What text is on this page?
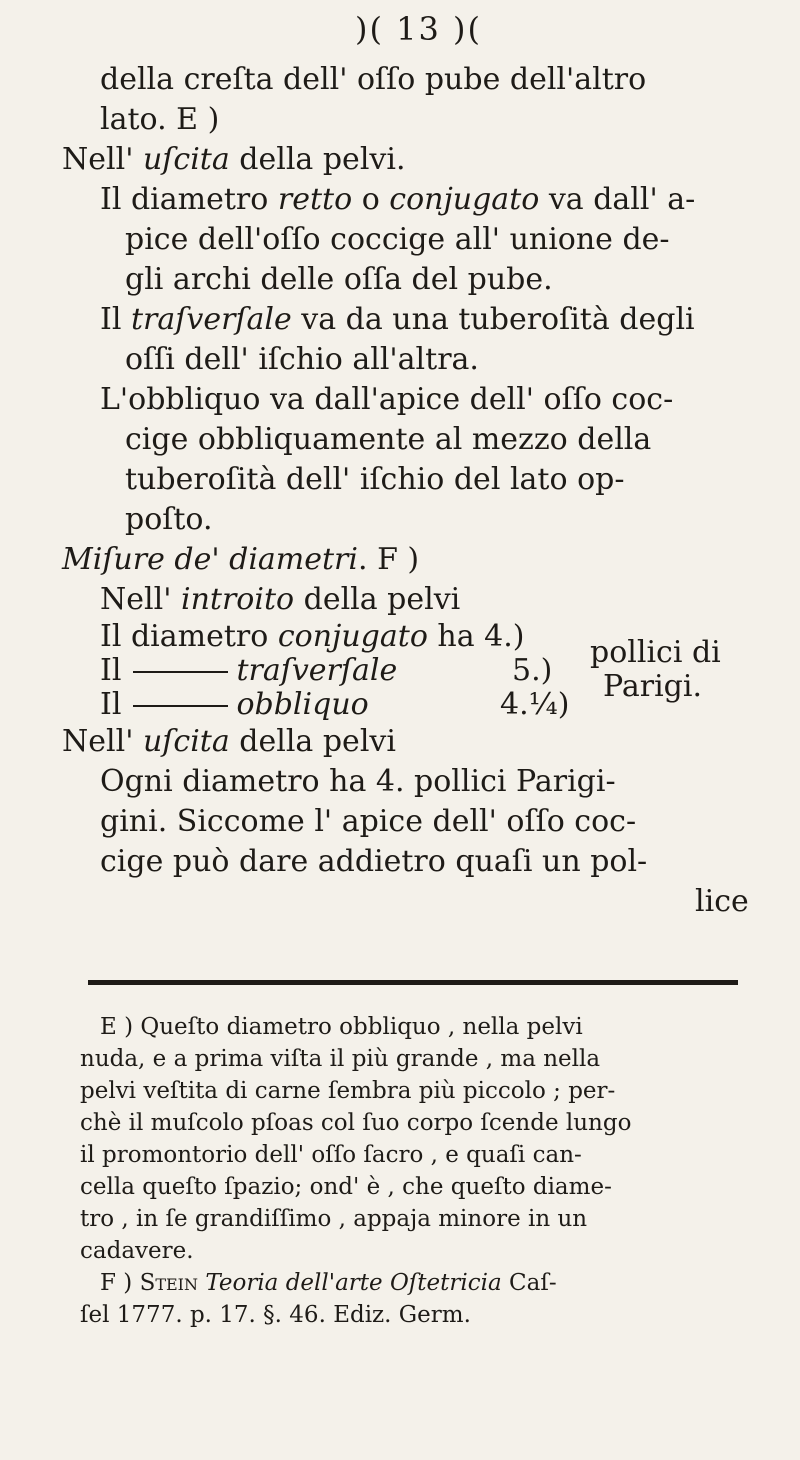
)( 13 )(
della creſta dell' oſſo pube dell'altro
lato. E )
Nell' uſcita della pelvi.
Il diametro retto o conjugato va dall' a-
pice dell'oſſo coccige all' unione de-
gli archi delle oſſa del pube.
Il traſverſale va da una tuberoſità degli
oſſi dell' iſchio all'altra.
L'obbliquo va dall'apice dell' oſſo coc-
cige obbliquamente al mezzo della
tuberoſità dell' iſchio del lato op-
poſto.
Miſure de' diametri. F )
Nell' introito della pelvi
Il diametro conjugato ha 4.)
Il	traſverſale	5.)
Il	obbliquo	4.¼)
pollici di
Parigi.
Nell' uſcita della pelvi
Ogni diametro ha 4. pollici Parigi-
gini. Siccome l' apice dell' oſſo coc-
cige può dare addietro quaſi un pol-
lice
E ) Queſto diametro obbliquo , nella pelvi
nuda, e a prima viſta il più grande , ma nella
pelvi veſtita di carne ſembra più piccolo ; per-
chè il muſcolo pſoas col ſuo corpo ſcende lungo
il promontorio dell' oſſo ſacro , e quaſi can-
cella queſto ſpazio; ond' è , che queſto diame-
tro , in ſe grandiſſimo , appaja minore in un
cadavere.
F ) Stein Teoria dell'arte Oſtetricia Caſ-
ſel 1777. p. 17. §. 46. Ediz. Germ.
